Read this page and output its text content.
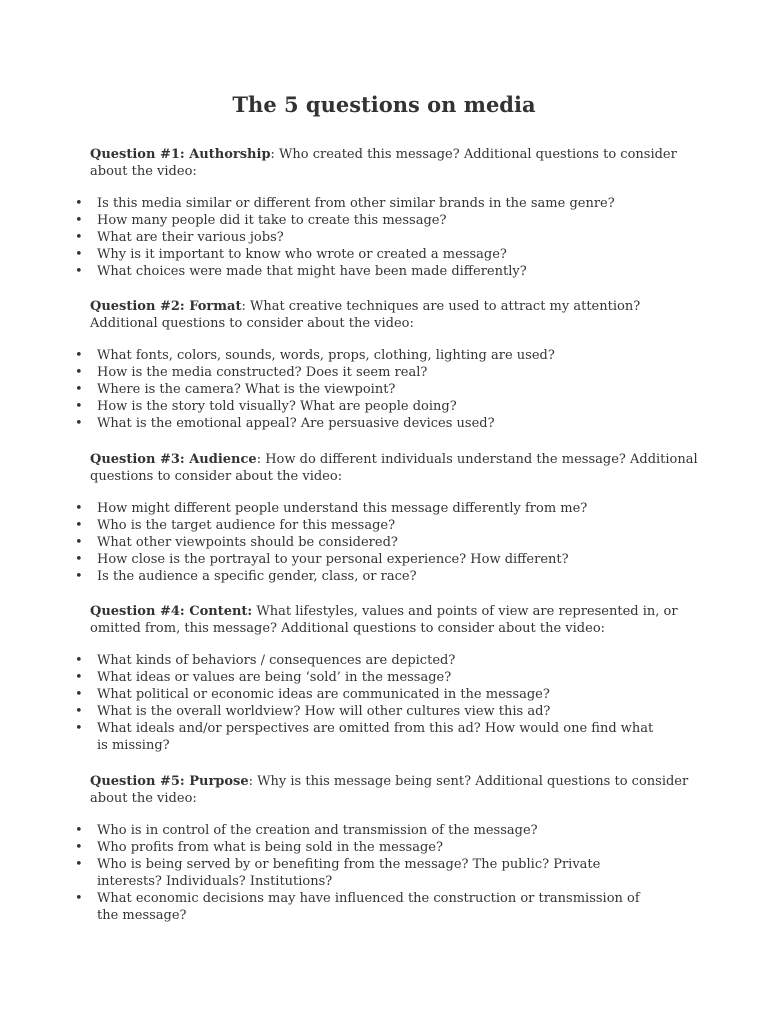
The 5 questions on media

Question #1: Authorship: Who created this message? Additional questions to consider about the video:

• Is this media similar or different from other similar brands in the same genre?
• How many people did it take to create this message?
• What are their various jobs?
• Why is it important to know who wrote or created a message?
• What choices were made that might have been made differently?

Question #2: Format: What creative techniques are used to attract my attention? Additional questions to consider about the video:

• What fonts, colors, sounds, words, props, clothing, lighting are used?
• How is the media constructed? Does it seem real?
• Where is the camera? What is the viewpoint?
• How is the story told visually? What are people doing?
• What is the emotional appeal? Are persuasive devices used?

Question #3: Audience: How do different individuals understand the message? Additional questions to consider about the video:

• How might different people understand this message differently from me?
• Who is the target audience for this message?
• What other viewpoints should be considered?
• How close is the portrayal to your personal experience? How different?
• Is the audience a specific gender, class, or race?

Question #4: Content: What lifestyles, values and points of view are represented in, or omitted from, this message? Additional questions to consider about the video:

• What kinds of behaviors / consequences are depicted?
• What ideas or values are being ‘sold’ in the message?
• What political or economic ideas are communicated in the message?
• What is the overall worldview? How will other cultures view this ad?
• What ideals and/or perspectives are omitted from this ad? How would one find what is missing?

Question #5: Purpose: Why is this message being sent? Additional questions to consider about the video:

• Who is in control of the creation and transmission of the message?
• Who profits from what is being sold in the message?
• Who is being served by or benefiting from the message? The public? Private interests? Individuals? Institutions?
• What economic decisions may have influenced the construction or transmission of the message?
